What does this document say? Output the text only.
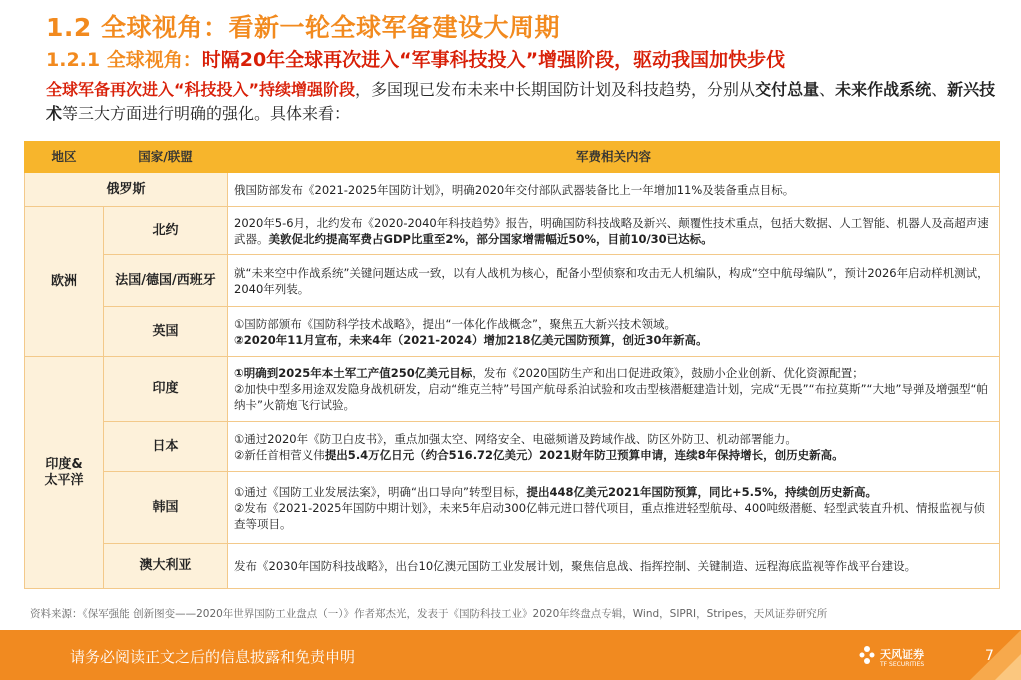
1.2 全球视角：看新一轮全球军备建设大周期
1.2.1 全球视角：时隔20年全球再次进入“军事科技投入”增强阶段，驱动我国加快步伐
全球军备再次进入“科技投入”持续增强阶段，多国现已发布未来中长期国防计划及科技趋势，分别从交付总量、未来作战系统、新兴技术等三大方面进行明确的强化。具体来看：
地区	国家/联盟	军费相关内容
俄罗斯		俄国防部发布《2021-2025年国防计划》，明确2020年交付部队武器装备比上一年增加11%及装备重点目标。
欧洲	北约	2020年5-6月，北约发布《2020-2040年科技趋势》报告，明确国防科技战略及新兴、颠覆性技术重点，包括大数据、人工智能、机器人及高超声速武器。美敦促北约提高军费占GDP比重至2%，部分国家增需幅近50%，目前10/30已达标。
	法国/德国/西班牙	就“未来空中作战系统”关键问题达成一致，以有人战机为核心，配备小型侦察和攻击无人机编队，构成“空中航母编队”，预计2026年启动样机测试，2040年列装。
	英国	①国防部颁布《国防科学技术战略》，提出“一体化作战概念”，聚焦五大新兴技术领域。
②2020年11月宣布，未来4年（2021-2024）增加218亿美元国防预算，创近30年新高。
印度&
太平洋	印度	①明确到2025年本土军工产值250亿美元目标，发布《2020国防生产和出口促进政策》，鼓励小企业创新、优化资源配置；
②加快中型多用途双发隐身战机研发，启动“维克兰特”号国产航母系泊试验和攻击型核潜艇建造计划，完成“无畏”“布拉莫斯”“大地”导弹及增强型“帕纳卡”火箭炮飞行试验。
	日本	①通过2020年《防卫白皮书》，重点加强太空、网络安全、电磁频谱及跨域作战、防区外防卫、机动部署能力。
②新任首相菅义伟提出5.4万亿日元（约合516.72亿美元）2021财年防卫预算申请，连续8年保持增长，创历史新高。
	韩国	①通过《国防工业发展法案》，明确“出口导向”转型目标，提出448亿美元2021年国防预算，同比+5.5%，持续创历史新高。
②发布《2021-2025年国防中期计划》，未来5年启动300亿韩元进口替代项目，重点推进轻型航母、400吨级潜艇、轻型武装直升机、情报监视与侦查等项目。
	澳大利亚	发布《2030年国防科技战略》，出台10亿澳元国防工业发展计划，聚焦信息战、指挥控制、关键制造、远程海底监视等作战平台建设。
资料来源：《保军强能 创新图变——2020年世界国防工业盘点（一）》作者郑杰光，发表于《国防科技工业》2020年终盘点专辑，Wind，SIPRI，Stripes，天风证券研究所
请务必阅读正文之后的信息披露和免责申明	天风证券
TF SECURITIES
7
